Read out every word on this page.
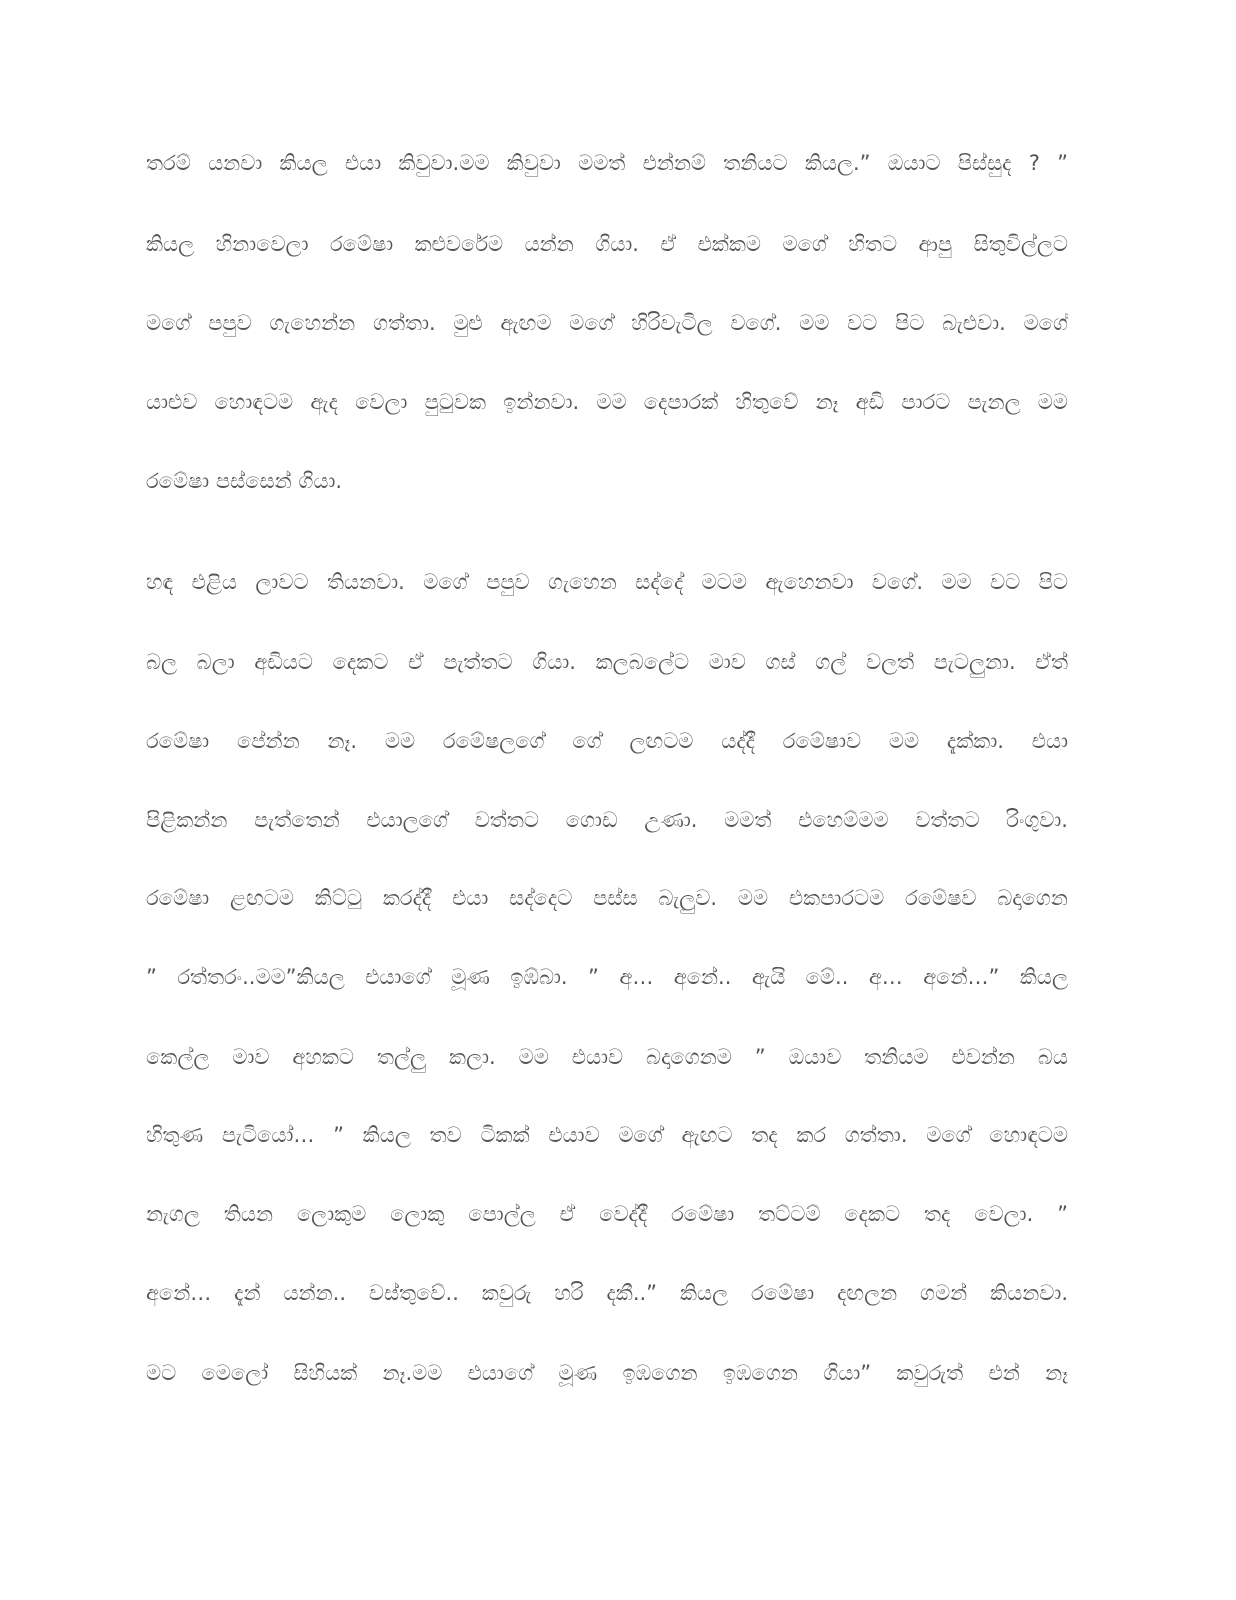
තරම් යනවා කියල එයා කිවුවා.මම කිවුවා මමත් එන්නම් තනියට කියල.” ඔයාට පිස්සුද ? ”
කියල හිනාවෙලා රමේෂා කළුවරේම යන්න ගියා. ඒ එක්කම මගේ හිතට ආපු සිතුවිල්ලට
මගේ පපුව ගැහෙන්න ගත්තා. මුළු ඇඟම මගේ හිරිවැටිල වගේ. මම වට පිට බැළුවා. මගේ
යාළුව හොඳටම ඇද වෙලා පුටුවක ඉන්නවා. මම දෙපාරක් හිතුවේ නෑ අඩි පාරට පැනල මම
රමේෂා පස්සෙන් ගියා.
හඳ එළිය ලාවට තියනවා. මගේ පපුව ගැහෙන සද්දේ මටම ඇහෙනවා වගේ. මම වට පිට
බල බලා අඩියට දෙකට ඒ පැත්තට ගියා. කලබලේට මාව ගස් ගල් වලත් පැටලුනා. ඒත්
රමේෂා පේන්න නෑ. මම රමේෂලගේ ගේ ලඟටම යද්දී රමේෂාව මම දැක්කා. එයා
පිළිකන්න පැත්තෙන් එයාලගේ වත්තට ගොඩ උණා. මමත් එහෙම්මම වත්තට රිංගුවා.
රමේෂා ළඟටම කිට්ටු කරද්දී එයා සද්දෙට පස්ස බැලුව. මම එකපාරටම රමේෂව බදාගෙන
” රත්තරං..මම”කියල එයාගේ මූණ ඉඹ්බා. ” අ… අනේ.. ඇයි මේ.. අ… අනේ…” කියල
කෙල්ල මාව අහකට තල්ලු කලා. මම එයාව බදාගෙනම ” ඔයාව තනියම එවන්න බය
හිතුණ පැටියෝ… ” කියල තව ටිකක් එයාව මගේ ඇඟට තද කර ගත්තා. මගේ හොඳටම
නැගල තියන ලොකුම ලොකු පොල්ල ඒ වෙද්දී රමේෂා තට්ටම් දෙකට තද වෙලා. ”
අනේ… දැන් යන්න.. වස්තුවේ.. කවුරු හරි දකී..” කියල රමේෂා දඟලන ගමන් කියනවා.
මට මෙලෝ සිහියක් නෑ.මම එයාගේ මූණ ඉඹගෙන ඉඹගෙන ගියා” කවුරුත් එන් නෑ
